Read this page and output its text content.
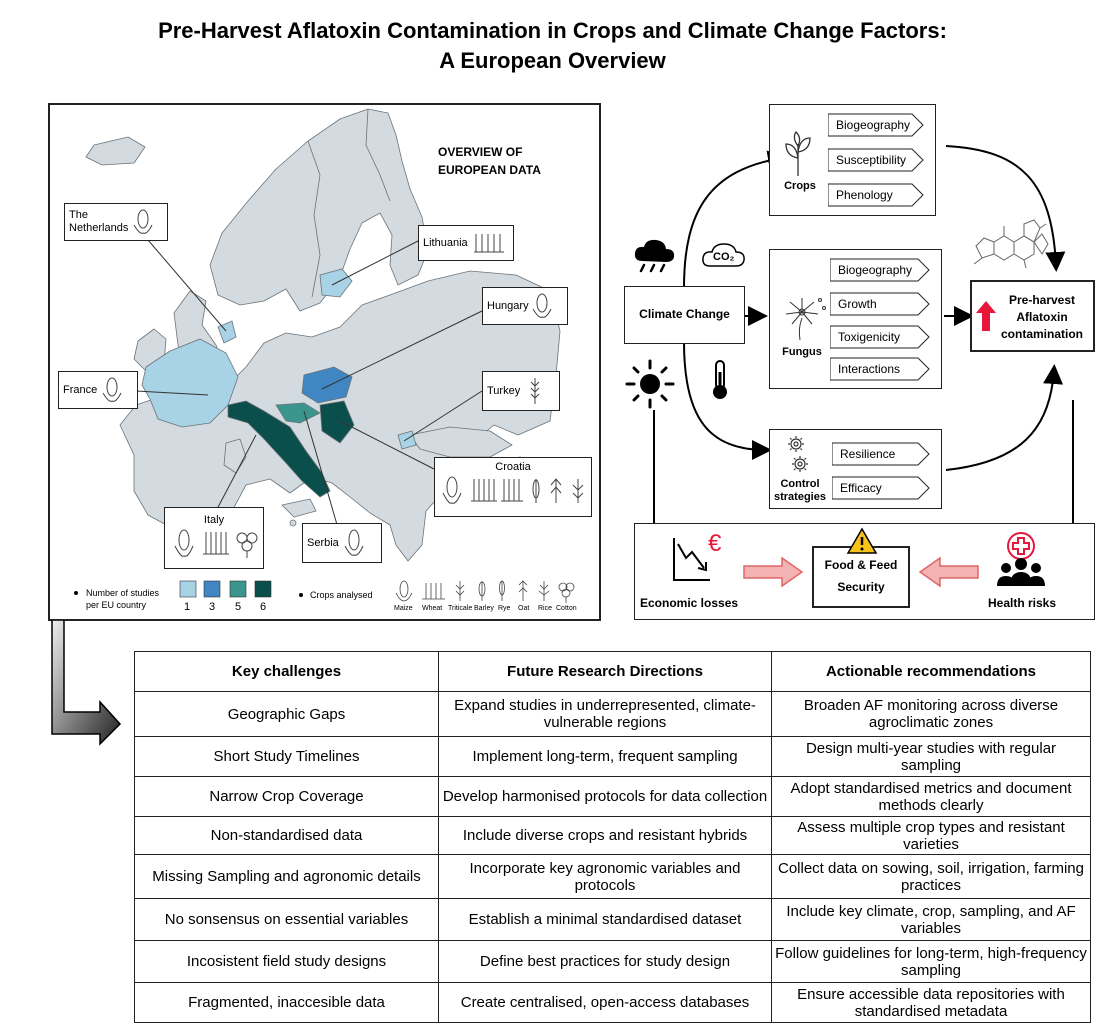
Pre-Harvest Aflatoxin Contamination in Crops and Climate Change Factors:
A European Overview
OVERVIEW OF
EUROPEAN DATA
The
Netherlands
Lithuania
Hungary
France	Turkey
Croatia
Italy
Serbia
Number of studies
per EU country	1 3 5 6
Crops analysed
Maize Wheat Triticale Barley Rye Oat Rice Cotton
Crops
Biogeography
Susceptibility
Phenology
Fungus
Biogeography
Growth
Toxigenicity
Interactions
Control
strategies
Resilience
Efficacy
Climate Change
CO₂
Pre-harvest
Aflatoxin
contamination
€
Economic losses
Food & Feed
Security
Health risks
Key challenges	Future Research Directions	Actionable recommendations
Geographic Gaps	Expand studies in underrepresented, climate-vulnerable regions	Broaden AF monitoring across diverse agroclimatic zones
Short Study Timelines	Implement long-term, frequent sampling	Design multi-year studies with regular sampling
Narrow Crop Coverage	Develop harmonised protocols for data collection	Adopt standardised metrics and document methods clearly
Non-standardised data	Include diverse crops and resistant hybrids	Assess multiple crop types and resistant varieties
Missing Sampling and agronomic details	Incorporate key agronomic variables and protocols	Collect data on sowing, soil, irrigation, farming practices
No sonsensus on essential variables	Establish a minimal standardised dataset	Include key climate, crop, sampling, and AF variables
Incosistent field study designs	Define best practices for study design	Follow guidelines for long-term, high-frequency sampling
Fragmented, inaccesible data	Create centralised, open-access databases	Ensure accessible data repositories with standardised metadata
